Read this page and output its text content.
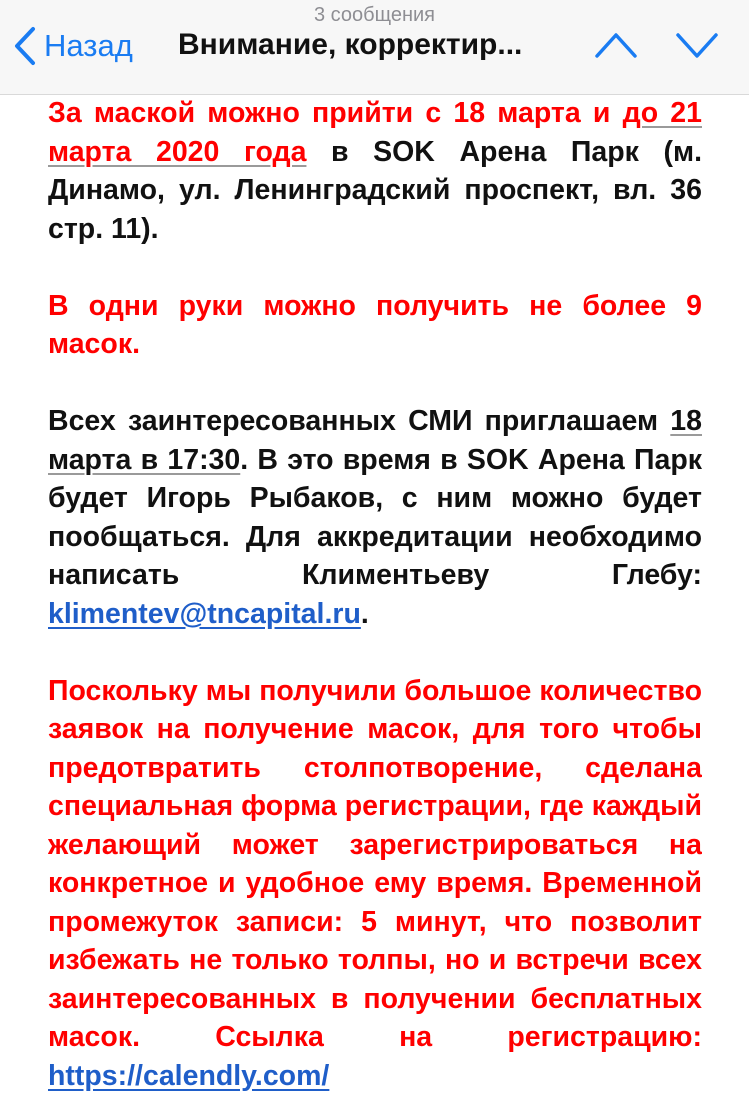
3 сообщения
Назад Внимание, корректир...

За маской можно прийти с 18 марта и до 21 марта 2020 года в SOK Арена Парк (м. Динамо, ул. Ленинградский проспект, вл. 36 стр. 11).

В одни руки можно получить не более 9 масок.

Всех заинтересованных СМИ приглашаем 18 марта в 17:30. В это время в SOK Арена Парк будет Игорь Рыбаков, с ним можно будет пообщаться. Для аккредитации необходимо написать Климентьеву Глебу: klimentev@tncapital.ru.

Поскольку мы получили большое количество заявок на получение масок, для того чтобы предотвратить столпотворение, сделана специальная форма регистрации, где каждый желающий может зарегистрироваться на конкретное и удобное ему время. Временной промежуток записи: 5 минут, что позволит избежать не только толпы, но и встречи всех заинтересованных в получении бесплатных масок. Ссылка на регистрацию: https://calendly.com/
